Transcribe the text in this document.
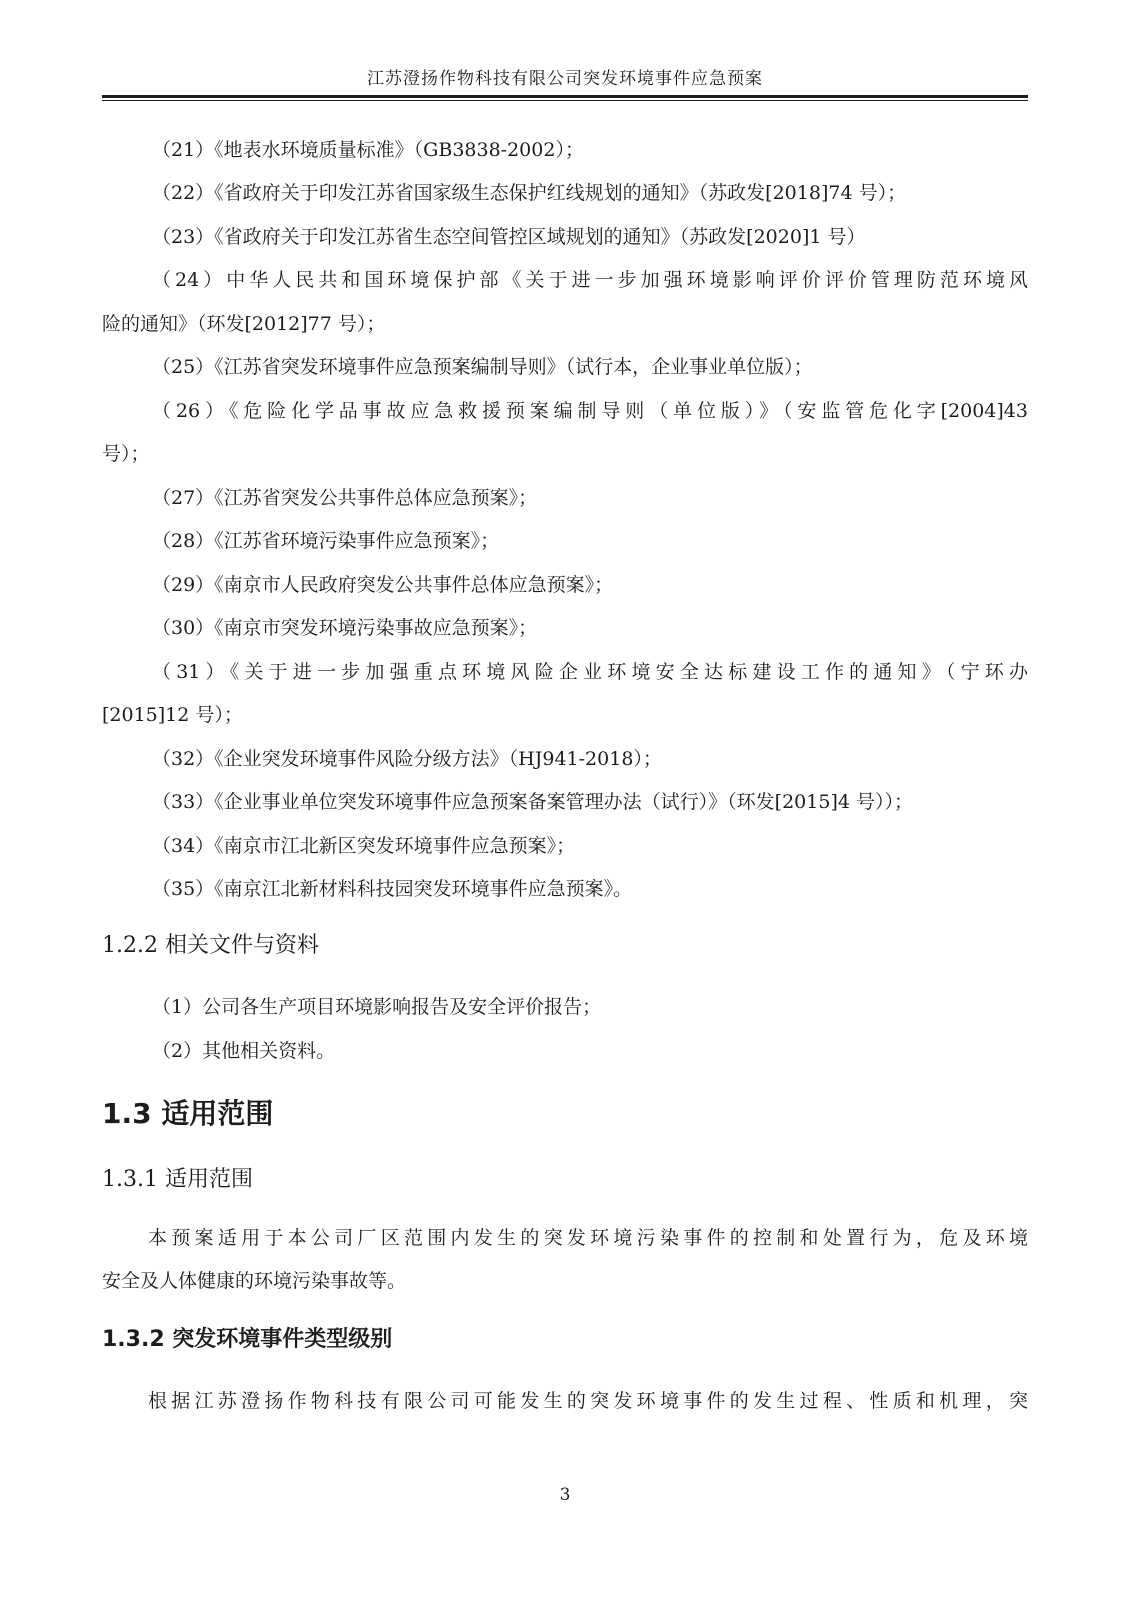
江苏澄扬作物科技有限公司突发环境事件应急预案
（21）《地表水环境质量标准》（GB3838-2002）；
（22）《省政府关于印发江苏省国家级生态保护红线规划的通知》（苏政发[2018]74 号）；
（23）《省政府关于印发江苏省生态空间管控区域规划的通知》（苏政发[2020]1 号）
（24）中华人民共和国环境保护部《关于进一步加强环境影响评价评价管理防范环境风
险的通知》（环发[2012]77 号）；
（25）《江苏省突发环境事件应急预案编制导则》（试行本，企业事业单位版）；
（26）《危险化学品事故应急救援预案编制导则（单位版）》（安监管危化字[2004]43
号）；
（27）《江苏省突发公共事件总体应急预案》；
（28）《江苏省环境污染事件应急预案》；
（29）《南京市人民政府突发公共事件总体应急预案》；
（30）《南京市突发环境污染事故应急预案》；
（31）《关于进一步加强重点环境风险企业环境安全达标建设工作的通知》（宁环办
[2015]12 号）；
（32）《企业突发环境事件风险分级方法》（HJ941-2018）；
（33）《企业事业单位突发环境事件应急预案备案管理办法（试行）》（环发[2015]4 号））；
（34）《南京市江北新区突发环境事件应急预案》；
（35）《南京江北新材料科技园突发环境事件应急预案》。
1.2.2 相关文件与资料
（1）公司各生产项目环境影响报告及安全评价报告；
（2）其他相关资料。
1.3 适用范围
1.3.1 适用范围
本预案适用于本公司厂区范围内发生的突发环境污染事件的控制和处置行为，危及环境
安全及人体健康的环境污染事故等。
1.3.2 突发环境事件类型级别
根据江苏澄扬作物科技有限公司可能发生的突发环境事件的发生过程、性质和机理，突
3
